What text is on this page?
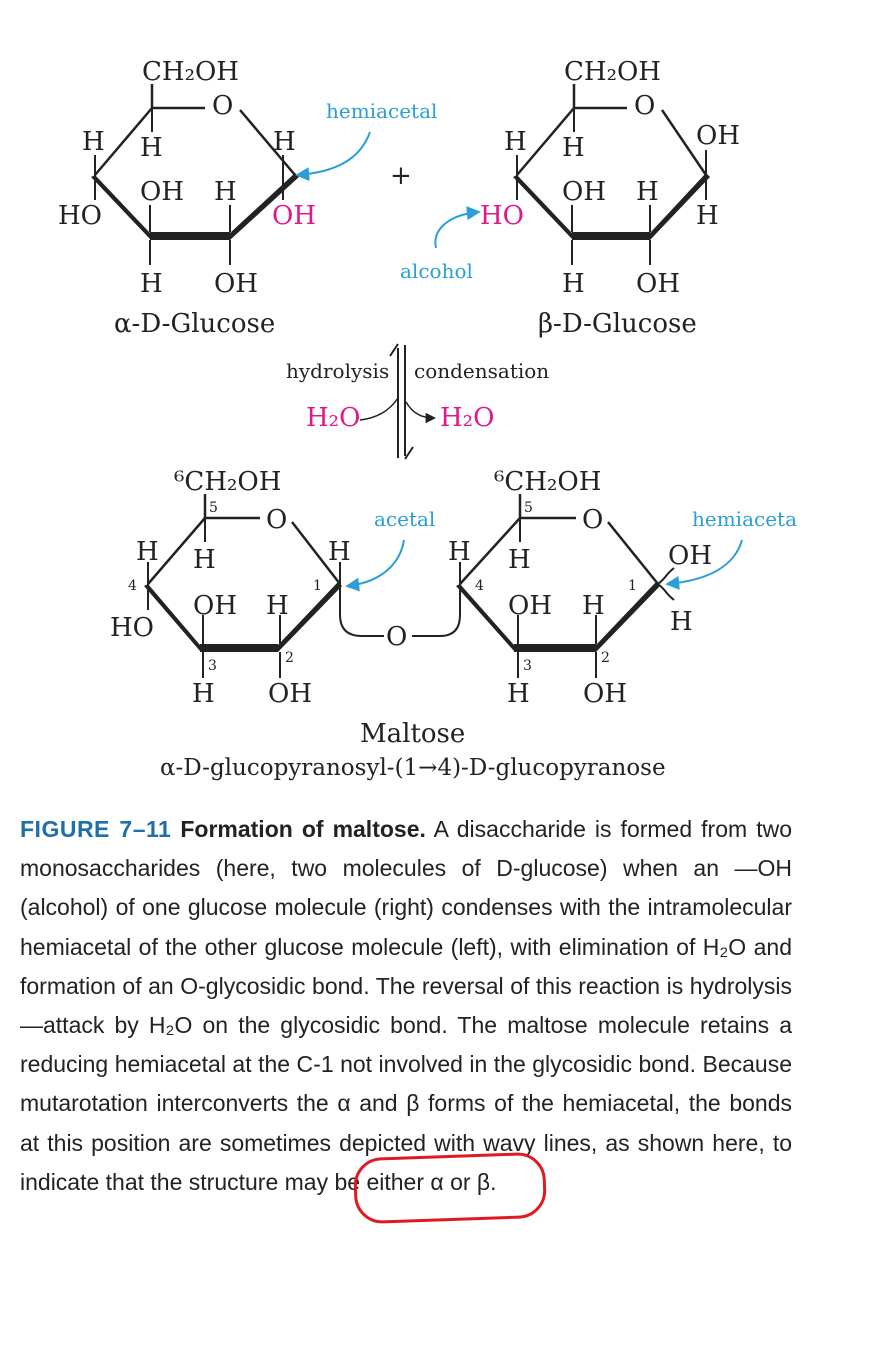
CH₂OH
O
H H	H
OH H
HO	OH
H OH
α-D-Glucose
hemiacetal
+
alcohol
CH₂OH
O
H H	OH
OH H
HO	H
H OH
β-D-Glucose
hydrolysis condensation
H₂O	H₂O
⁶CH₂OH
5 O
H H	H
4	1
OH H
HO
3	2
H OH
O
acetal
⁶CH₂OH
5 O
H H
4	1
OH H
OH
H
3	2
H OH
hemiaceta
Maltose
α-D-glucopyranosyl-(1→4)-D-glucopyranose
FIGURE 7–11 Formation of maltose. A disaccharide is formed from two monosaccharides (here, two molecules of D-glucose) when an —OH (alcohol) of one glucose molecule (right) condenses with the intramolecular hemiacetal of the other glucose molecule (left), with elimination of H₂O and formation of an O-glycosidic bond. The reversal of this reaction is hydrolysis—attack by H₂O on the glycosidic bond. The maltose molecule retains a reducing hemiacetal at the C-1 not involved in the glycosidic bond. Because mutarotation interconverts the α and β forms of the hemiacetal, the bonds at this position are sometimes depicted with wavy lines, as shown here, to indicate that the structure may be either α or β.
